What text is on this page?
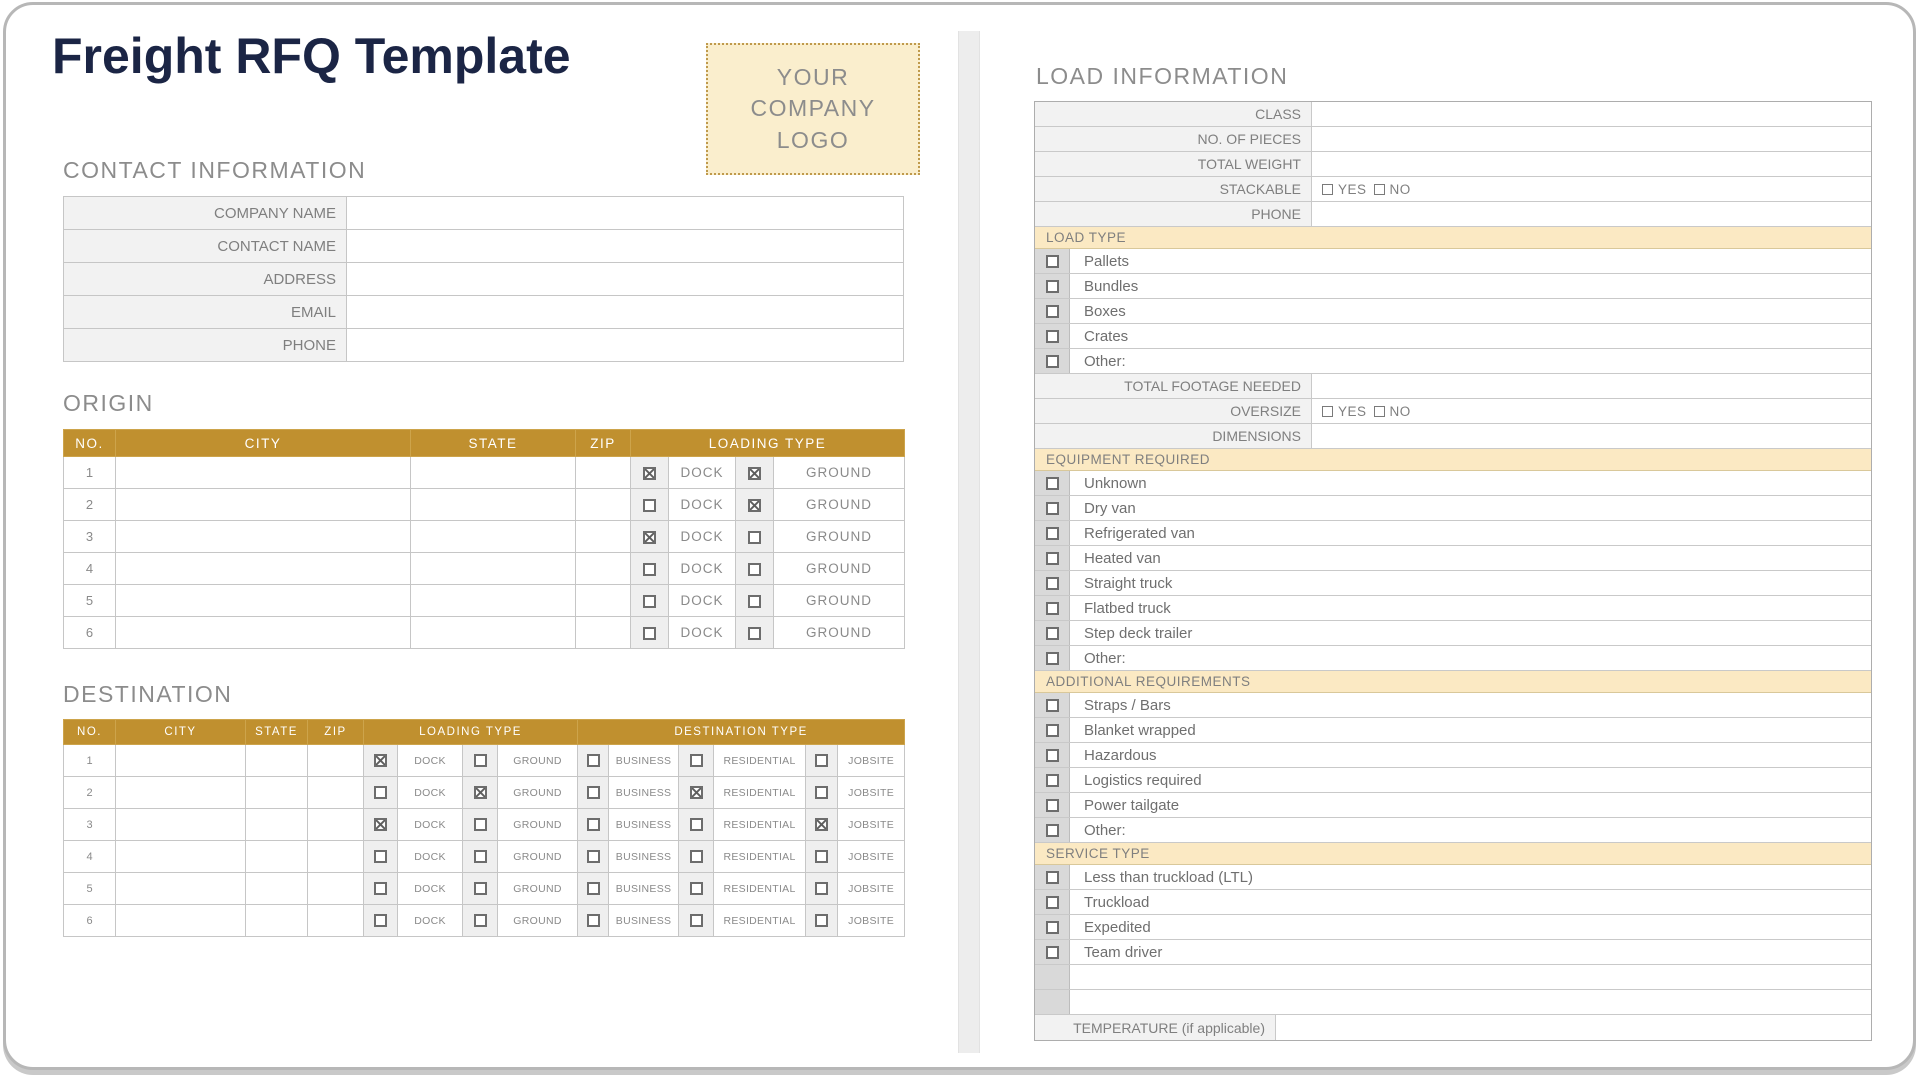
Freight RFQ Template	YOUR
COMPANY
LOGO
CONTACT INFORMATION
COMPANY NAME	
CONTACT NAME	
ADDRESS	
EMAIL	
PHONE	
ORIGIN
NO.	CITY	STATE	ZIP	LOADING TYPE			
1					DOCK		GROUND
2					DOCK		GROUND
3					DOCK		GROUND
4					DOCK		GROUND
5					DOCK		GROUND
6					DOCK		GROUND
DESTINATION
NO.	CITY	STATE	ZIP	LOADING TYPE				DESTINATION TYPE					
1					DOCK		GROUND		BUSINESS		RESIDENTIAL		JOBSITE
2					DOCK		GROUND		BUSINESS		RESIDENTIAL		JOBSITE
3					DOCK		GROUND		BUSINESS		RESIDENTIAL		JOBSITE
4					DOCK		GROUND		BUSINESS		RESIDENTIAL		JOBSITE
5					DOCK		GROUND		BUSINESS		RESIDENTIAL		JOBSITE
6					DOCK		GROUND		BUSINESS		RESIDENTIAL		JOBSITE
LOAD INFORMATION
CLASS
NO. OF PIECES
TOTAL WEIGHT
STACKABLE	YES NO
PHONE
LOAD TYPE
Pallets
Bundles
Boxes
Crates
Other:
TOTAL FOOTAGE NEEDED
OVERSIZE	YES NO
DIMENSIONS
EQUIPMENT REQUIRED
Unknown
Dry van
Refrigerated van
Heated van
Straight truck
Flatbed truck
Step deck trailer
Other:
ADDITIONAL REQUIREMENTS
Straps / Bars
Blanket wrapped
Hazardous
Logistics required
Power tailgate
Other:
SERVICE TYPE
Less than truckload (LTL)
Truckload
Expedited
Team driver
TEMPERATURE (if applicable)
